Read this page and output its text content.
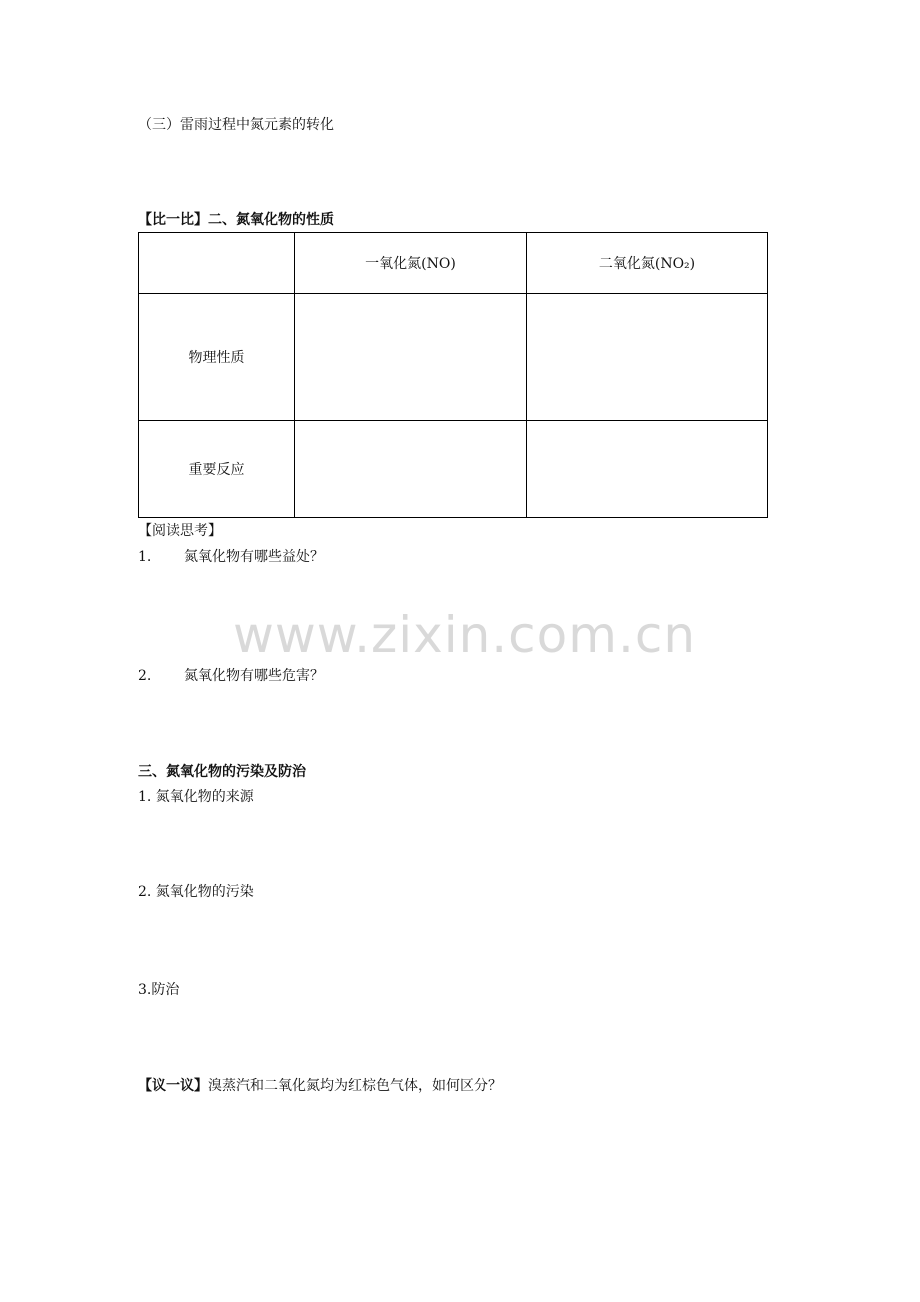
（三）雷雨过程中氮元素的转化
【比一比】二、氮氧化物的性质
	一氧化氮(NO)	二氧化氮(NO₂)
物理性质		
重要反应		
【阅读思考】
1. 氮氧化物有哪些益处？
www.zixin.com.cn
2. 氮氧化物有哪些危害？
三、氮氧化物的污染及防治
1. 氮氧化物的来源
2. 氮氧化物的污染
3.防治
【议一议】溴蒸汽和二氧化氮均为红棕色气体，如何区分？
